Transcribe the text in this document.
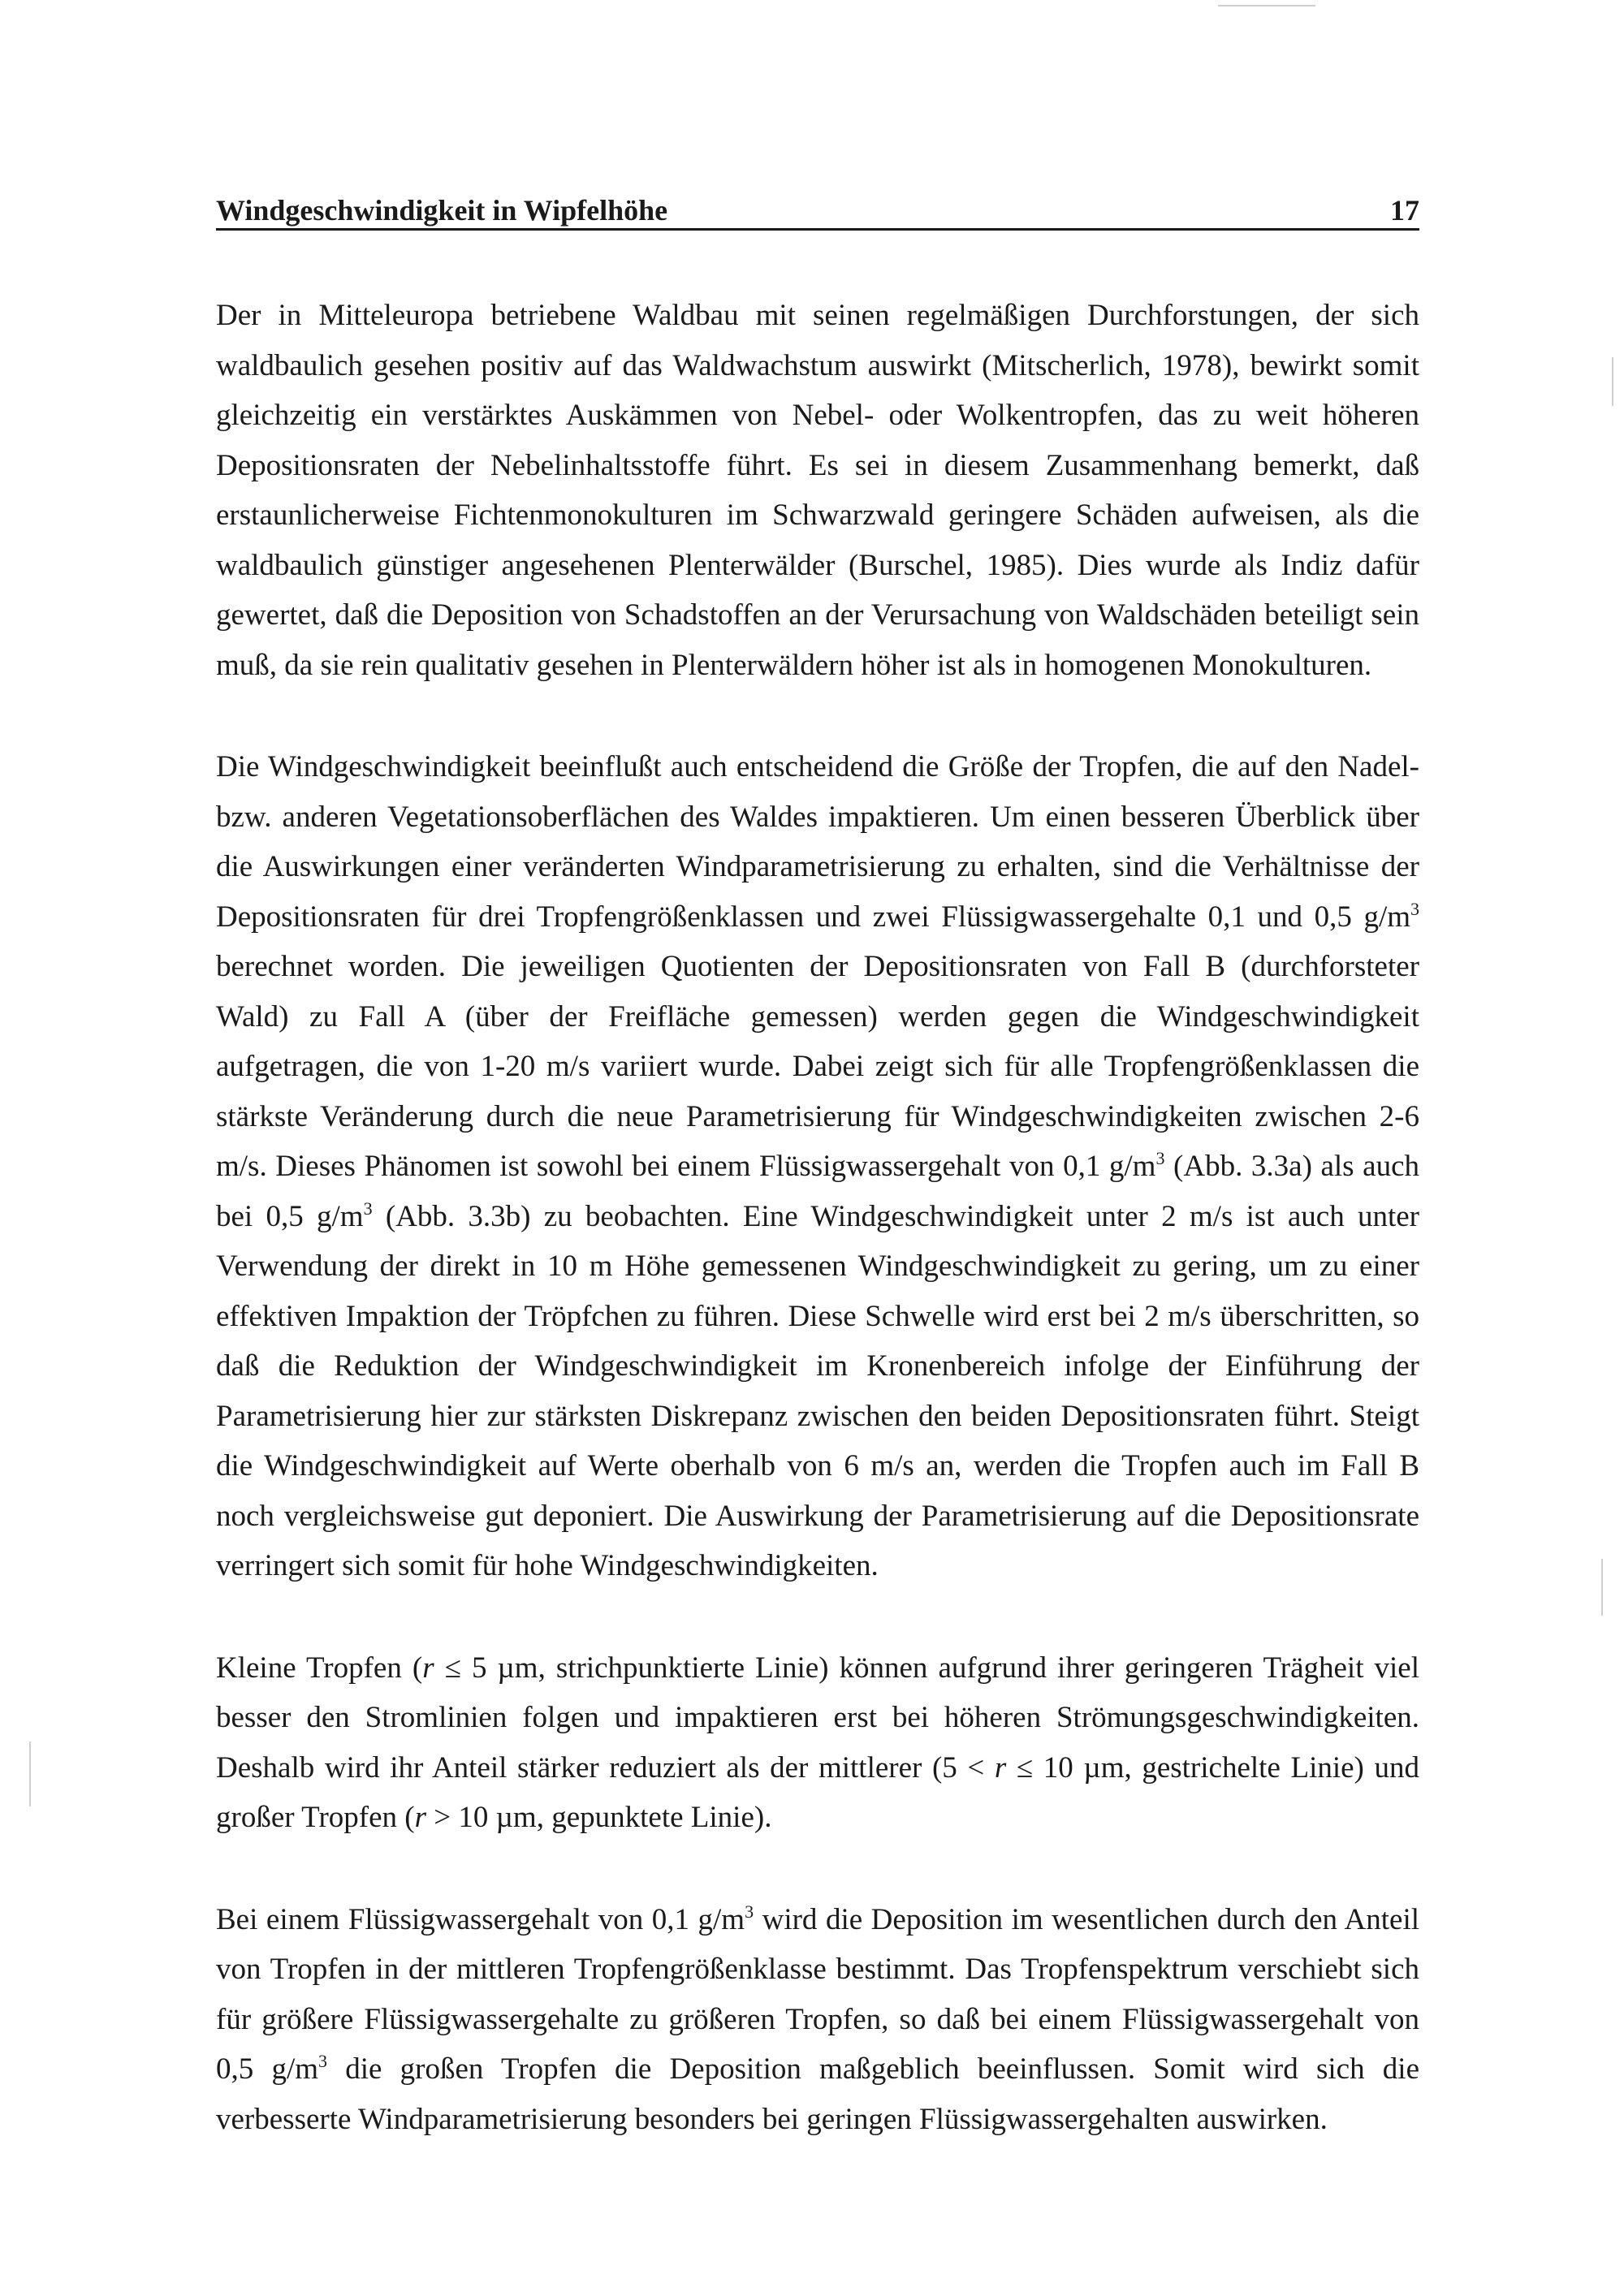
Windgeschwindigkeit in Wipfelhöhe	17

Der in Mitteleuropa betriebene Waldbau mit seinen regelmäßigen Durchforstungen, der sich waldbaulich gesehen positiv auf das Waldwachstum auswirkt (Mitscherlich, 1978), bewirkt somit gleichzeitig ein verstärktes Auskämmen von Nebel- oder Wolkentropfen, das zu weit höheren Depositionsraten der Nebelinhaltsstoffe führt. Es sei in diesem Zusammenhang bemerkt, daß erstaunlicherweise Fichtenmonokulturen im Schwarzwald geringere Schäden aufweisen, als die waldbaulich günstiger angesehenen Plenterwälder (Burschel, 1985). Dies wurde als Indiz dafür gewertet, daß die Deposition von Schadstoffen an der Verursachung von Waldschäden beteiligt sein muß, da sie rein qualitativ gesehen in Plenterwäldern höher ist als in homogenen Monokulturen.

Die Windgeschwindigkeit beeinflußt auch entscheidend die Größe der Tropfen, die auf den Nadel- bzw. anderen Vegetationsoberflächen des Waldes impaktieren. Um einen besseren Überblick über die Auswirkungen einer veränderten Windparametrisierung zu erhalten, sind die Verhältnisse der Depositionsraten für drei Tropfengrößenklassen und zwei Flüssigwassergehalte 0,1 und 0,5 $g/m^3$ berechnet worden. Die jeweiligen Quotienten der Depositionsraten von Fall B (durchforsteter Wald) zu Fall A (über der Freifläche gemessen) werden gegen die Windgeschwindigkeit aufgetragen, die von 1-20 m/s variiert wurde. Dabei zeigt sich für alle Tropfengrößenklassen die stärkste Veränderung durch die neue Parametrisierung für Windgeschwindigkeiten zwischen 2-6 m/s. Dieses Phänomen ist sowohl bei einem Flüssigwassergehalt von 0,1 $g/m^3$ (Abb. 3.3a) als auch bei 0,5 $g/m^3$ (Abb. 3.3b) zu beobachten. Eine Windgeschwindigkeit unter 2 m/s ist auch unter Verwendung der direkt in 10 m Höhe gemessenen Windgeschwindigkeit zu gering, um zu einer effektiven Impaktion der Tröpfchen zu führen. Diese Schwelle wird erst bei 2 m/s überschritten, so daß die Reduktion der Windgeschwindigkeit im Kronenbereich infolge der Einführung der Parametrisierung hier zur stärksten Diskrepanz zwischen den beiden Depositionsraten führt. Steigt die Windgeschwindigkeit auf Werte oberhalb von 6 m/s an, werden die Tropfen auch im Fall B noch vergleichsweise gut deponiert. Die Auswirkung der Parametrisierung auf die Depositionsrate verringert sich somit für hohe Windgeschwindigkeiten.

Kleine Tropfen (r ≤ 5 µm, strichpunktierte Linie) können aufgrund ihrer geringeren Trägheit viel besser den Stromlinien folgen und impaktieren erst bei höheren Strömungsgeschwindigkeiten. Deshalb wird ihr Anteil stärker reduziert als der mittlerer (5 < r ≤ 10 µm, gestrichelte Linie) und großer Tropfen (r > 10 µm, gepunktete Linie).

Bei einem Flüssigwassergehalt von 0,1 $g/m^3$ wird die Deposition im wesentlichen durch den Anteil von Tropfen in der mittleren Tropfengrößenklasse bestimmt. Das Tropfenspektrum verschiebt sich für größere Flüssigwassergehalte zu größeren Tropfen, so daß bei einem Flüssigwassergehalt von 0,5 $g/m^3$ die großen Tropfen die Deposition maßgeblich beeinflussen. Somit wird sich die verbesserte Windparametrisierung besonders bei geringen Flüssigwassergehalten auswirken.
